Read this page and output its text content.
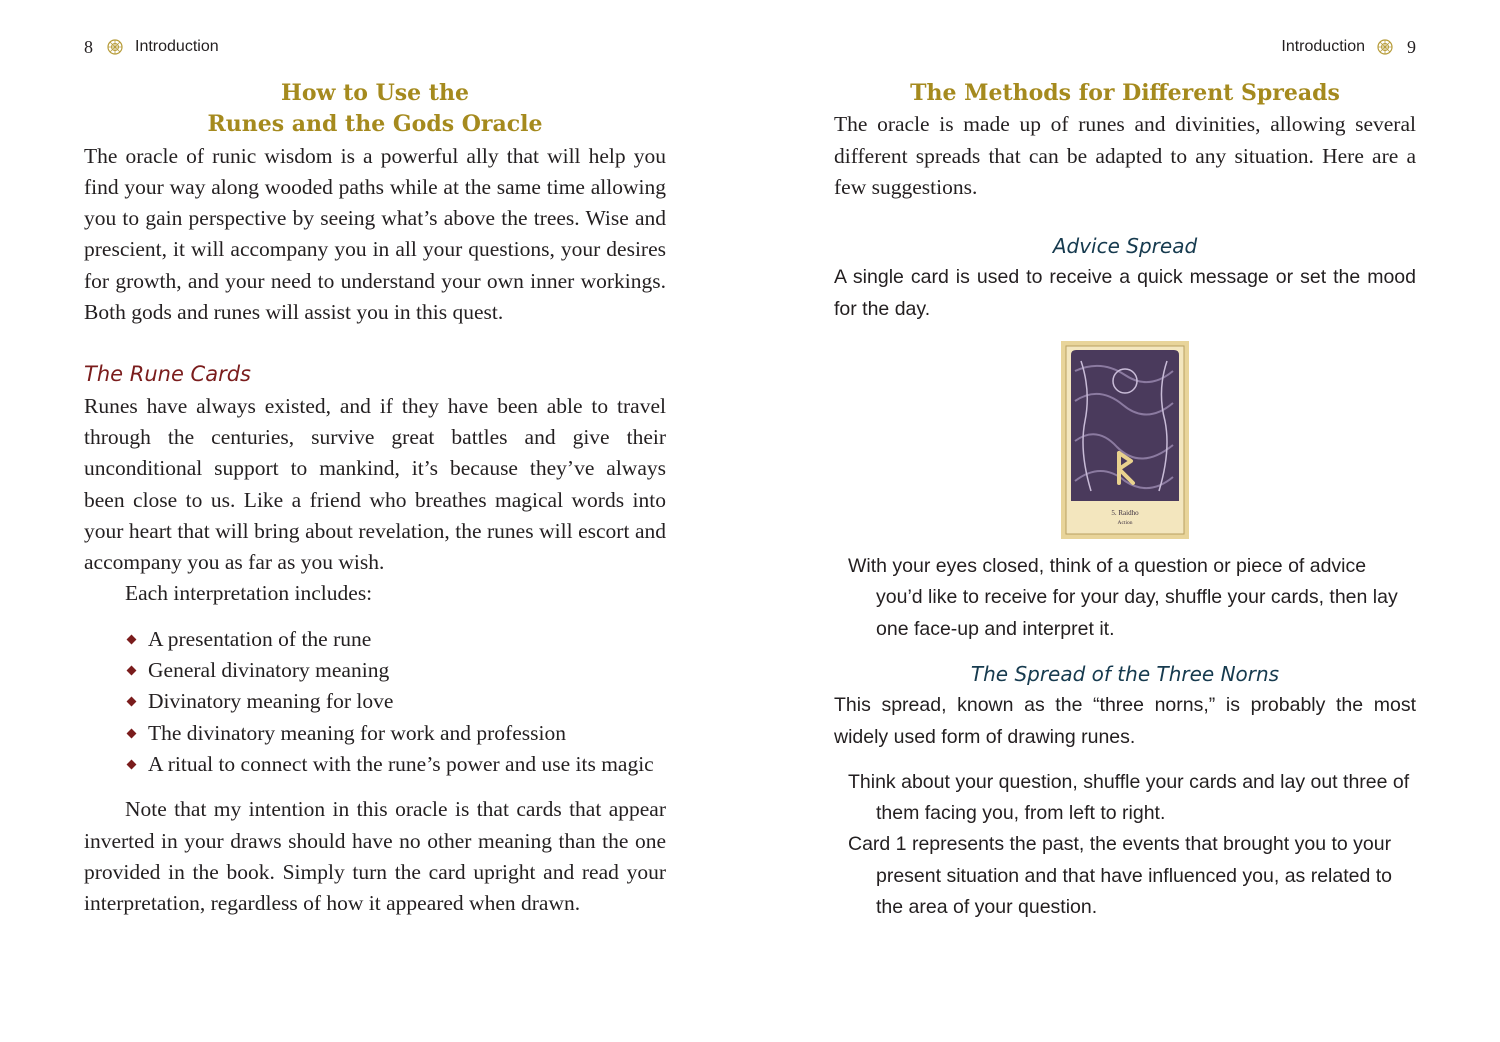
8	Introduction
How to Use the
Runes and the Gods Oracle

The oracle of runic wisdom is a powerful ally that will help you find your way along wooded paths while at the same time allowing you to gain perspective by seeing what’s above the trees. Wise and prescient, it will accompany you in all your questions, your desires for growth, and your need to understand your own inner workings. Both gods and runes will assist you in this quest.

The Rune Cards

Runes have always existed, and if they have been able to travel through the centuries, survive great battles and give their unconditional support to mankind, it’s because they’ve always been close to us. Like a friend who breathes magical words into your heart that will bring about revelation, the runes will escort and accompany you as far as you wish.

Each interpretation includes:

A presentation of the rune
General divinatory meaning
Divinatory meaning for love
The divinatory meaning for work and profession
A ritual to connect with the rune’s power and use its magic

Note that my intention in this oracle is that cards that appear inverted in your draws should have no other meaning than the one provided in the book. Simply turn the card upright and read your interpretation, regardless of how it appeared when drawn.

Introduction 9
The Methods for Different Spreads

The oracle is made up of runes and divinities, allowing several different spreads that can be adapted to any situation. Here are a few suggestions.

Advice Spread

A single card is used to receive a quick message or set the mood for the day.

5. Raidho
Action

With your eyes closed, think of a question or piece of advice you’d like to receive for your day, shuffle your cards, then lay one face-up and interpret it.

The Spread of the Three Norns

This spread, known as the “three norns,” is probably the most widely used form of drawing runes.

Think about your question, shuffle your cards and lay out three of them facing you, from left to right.

Card 1 represents the past, the events that brought you to your present situation and that have influenced you, as related to the area of your question.
